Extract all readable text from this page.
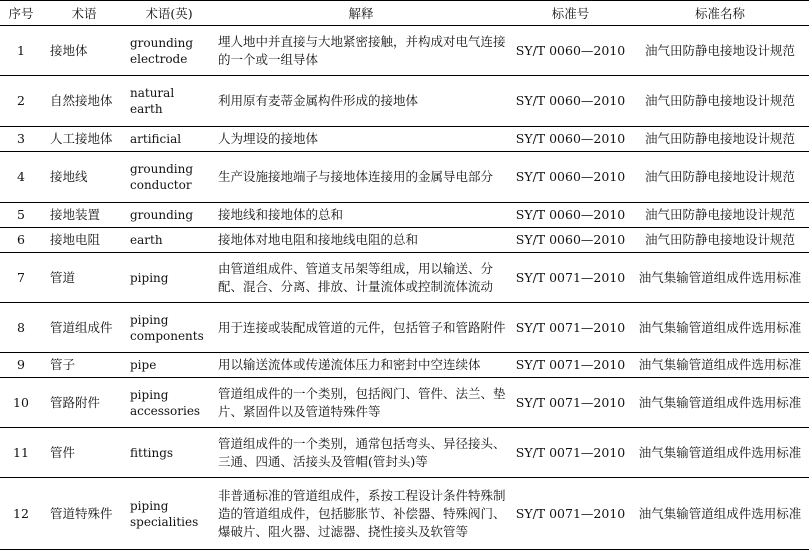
序号	术语	术语(英)	解释	标准号	标准名称
1	接地体	grounding electrode	埋人地中并直接与大地紧密接触，并构成对电气连接的一个或一组导体	SY/T 0060—2010	油气田防静电接地设计规范
2	自然接地体	natural earth	利用原有麦蒂金属构件形成的接地体	SY/T 0060—2010	油气田防静电接地设计规范
3	人工接地体	artificial	人为埋设的接地体	SY/T 0060—2010	油气田防静电接地设计规范
4	接地线	grounding conductor	生产设施接地端子与接地体连接用的金属导电部分	SY/T 0060—2010	油气田防静电接地设计规范
5	接地装置	grounding	接地线和接地体的总和	SY/T 0060—2010	油气田防静电接地设计规范
6	接地电阻	earth	接地体对地电阻和接地线电阻的总和	SY/T 0060—2010	油气田防静电接地设计规范
7	管道	piping	由管道组成件、管道支吊架等组成，用以输送、分配、混合、分离、排放、计量流体或控制流体流动	SY/T 0071—2010	油气集输管道组成件选用标准
8	管道组成件	piping components	用于连接或装配成管道的元件，包括管子和管路附件	SY/T 0071—2010	油气集输管道组成件选用标准
9	管子	pipe	用以输送流体或传递流体压力和密封中空连续体	SY/T 0071—2010	油气集输管道组成件选用标准
10	管路附件	piping accessories	管道组成件的一个类别，包括阀门、管件、法兰、垫片、紧固件以及管道特殊件等	SY/T 0071—2010	油气集输管道组成件选用标准
11	管件	fittings	管道组成件的一个类别，通常包括弯头、异径接头、三通、四通、活接头及管帽(管封头)等	SY/T 0071—2010	油气集输管道组成件选用标准
12	管道特殊件	piping specialities	非普通标准的管道组成件，系按工程设计条件特殊制造的管道组成件，包括膨胀节、补偿器、特殊阀门、爆破片、阻火器、过滤器、挠性接头及软管等	SY/T 0071—2010	油气集输管道组成件选用标准
